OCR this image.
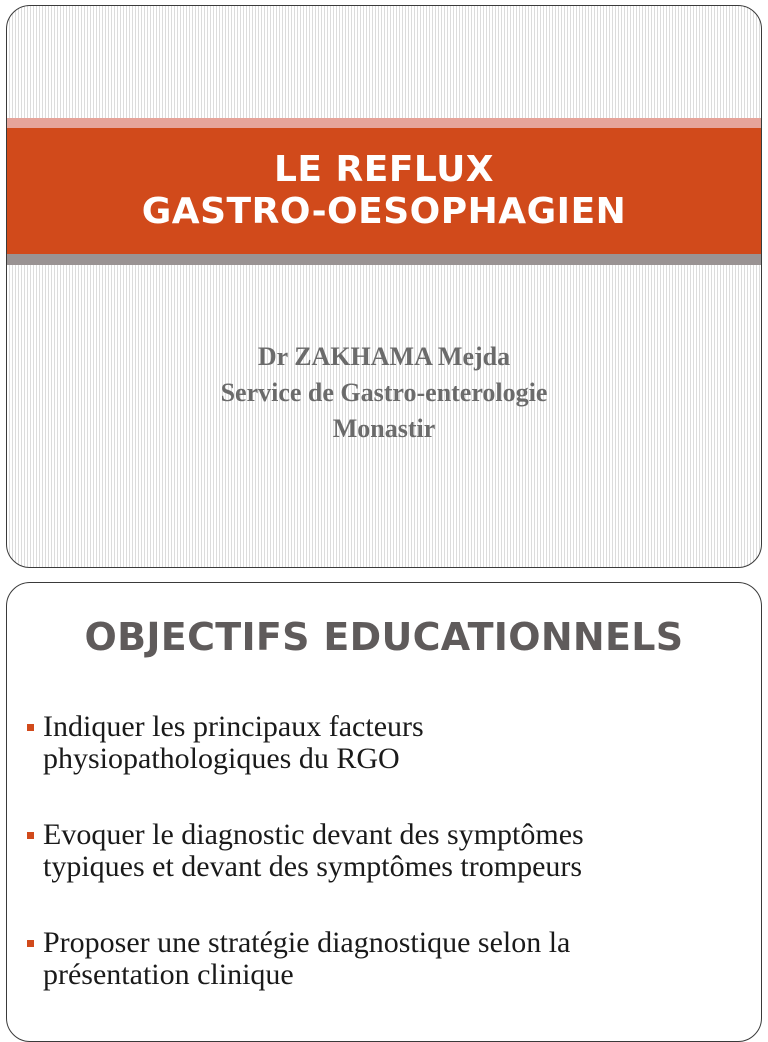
LE REFLUX
GASTRO-OESOPHAGIEN
Dr ZAKHAMA Mejda
Service de Gastro-enterologie
Monastir
OBJECTIFS EDUCATIONNELS
Indiquer les principaux facteurs
physiopathologiques du RGO
Evoquer le diagnostic devant des symptômes
typiques et devant des symptômes trompeurs
Proposer une stratégie diagnostique selon la
présentation clinique
